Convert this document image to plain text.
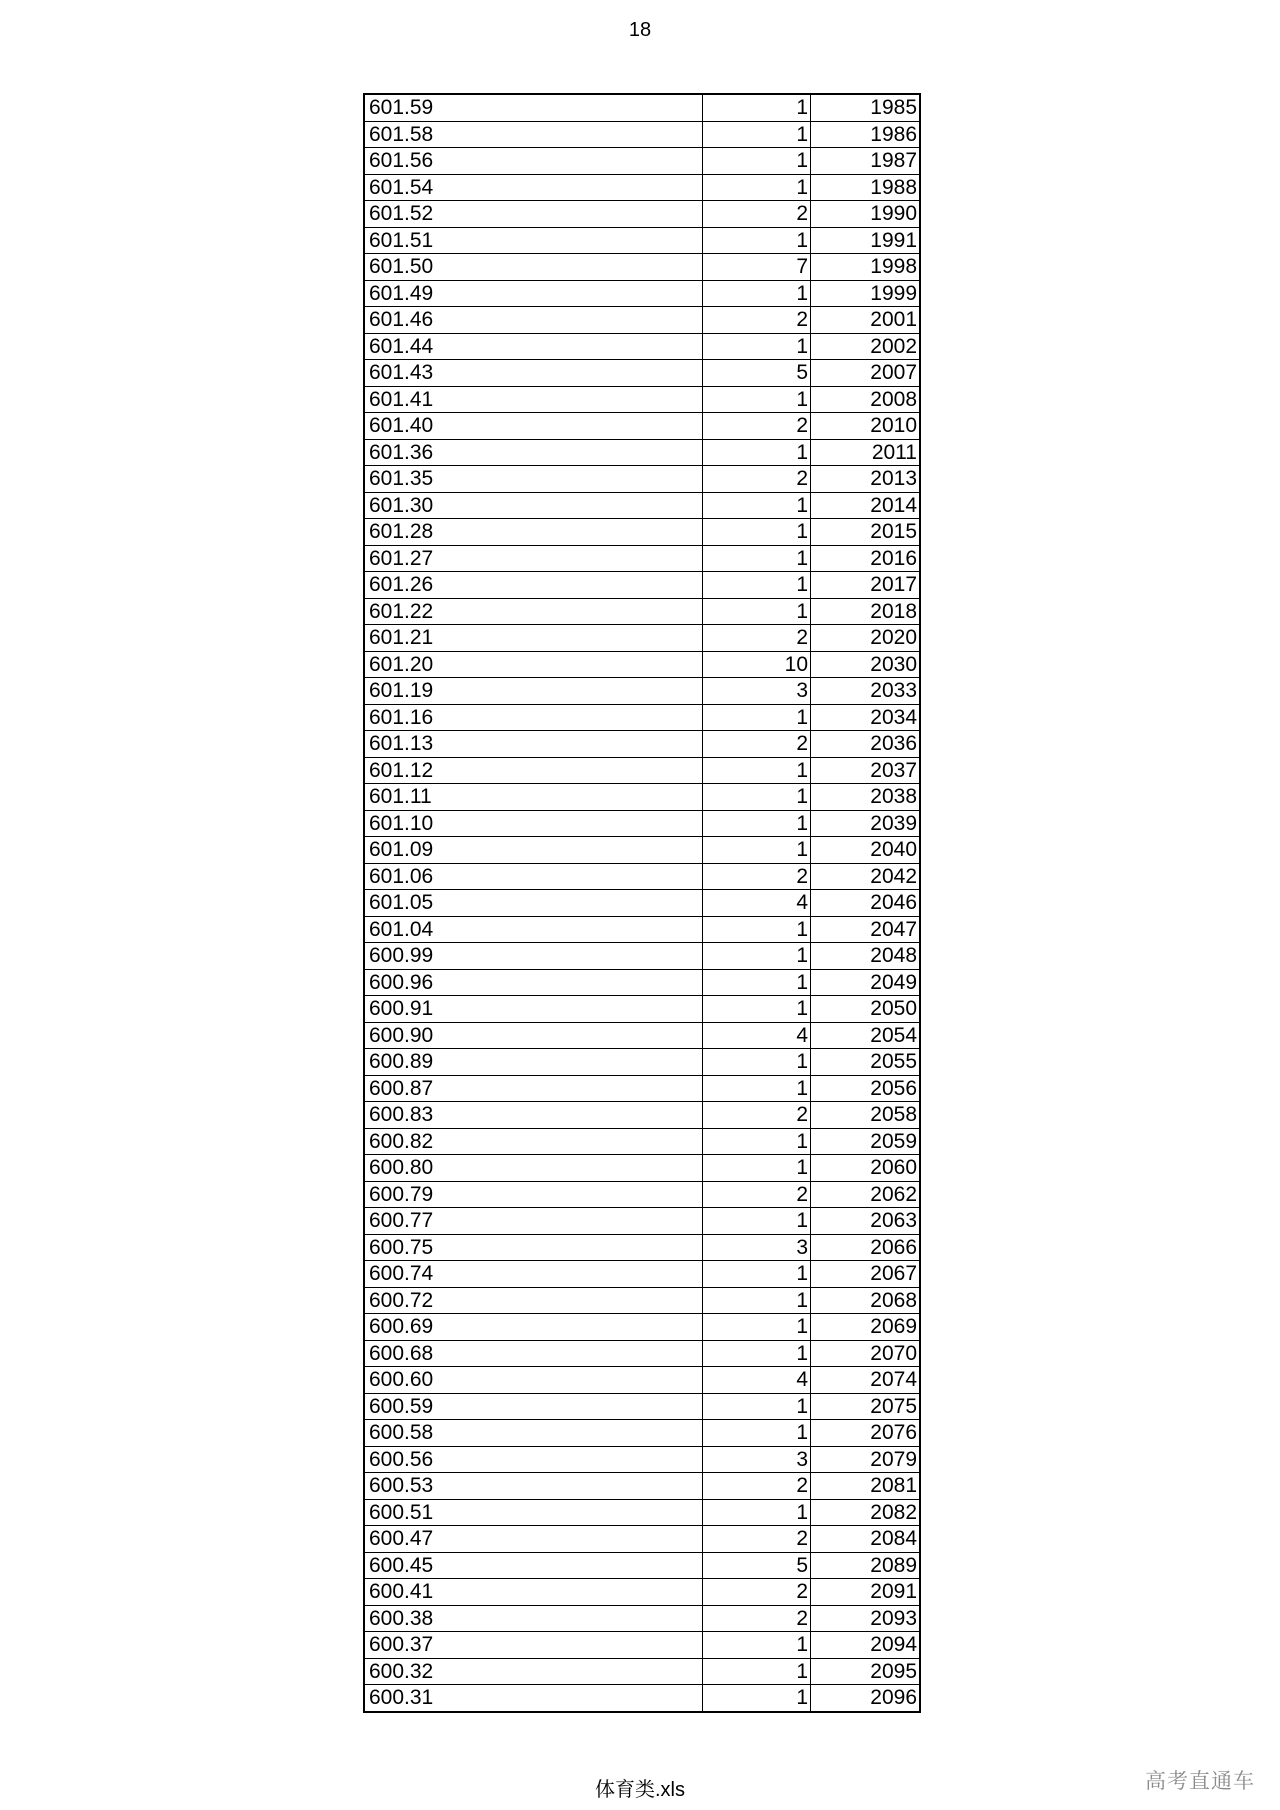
18
601.59	1	1985
601.58	1	1986
601.56	1	1987
601.54	1	1988
601.52	2	1990
601.51	1	1991
601.50	7	1998
601.49	1	1999
601.46	2	2001
601.44	1	2002
601.43	5	2007
601.41	1	2008
601.40	2	2010
601.36	1	2011
601.35	2	2013
601.30	1	2014
601.28	1	2015
601.27	1	2016
601.26	1	2017
601.22	1	2018
601.21	2	2020
601.20	10	2030
601.19	3	2033
601.16	1	2034
601.13	2	2036
601.12	1	2037
601.11	1	2038
601.10	1	2039
601.09	1	2040
601.06	2	2042
601.05	4	2046
601.04	1	2047
600.99	1	2048
600.96	1	2049
600.91	1	2050
600.90	4	2054
600.89	1	2055
600.87	1	2056
600.83	2	2058
600.82	1	2059
600.80	1	2060
600.79	2	2062
600.77	1	2063
600.75	3	2066
600.74	1	2067
600.72	1	2068
600.69	1	2069
600.68	1	2070
600.60	4	2074
600.59	1	2075
600.58	1	2076
600.56	3	2079
600.53	2	2081
600.51	1	2082
600.47	2	2084
600.45	5	2089
600.41	2	2091
600.38	2	2093
600.37	1	2094
600.32	1	2095
600.31	1	2096
体育类.xls	高考直通车
